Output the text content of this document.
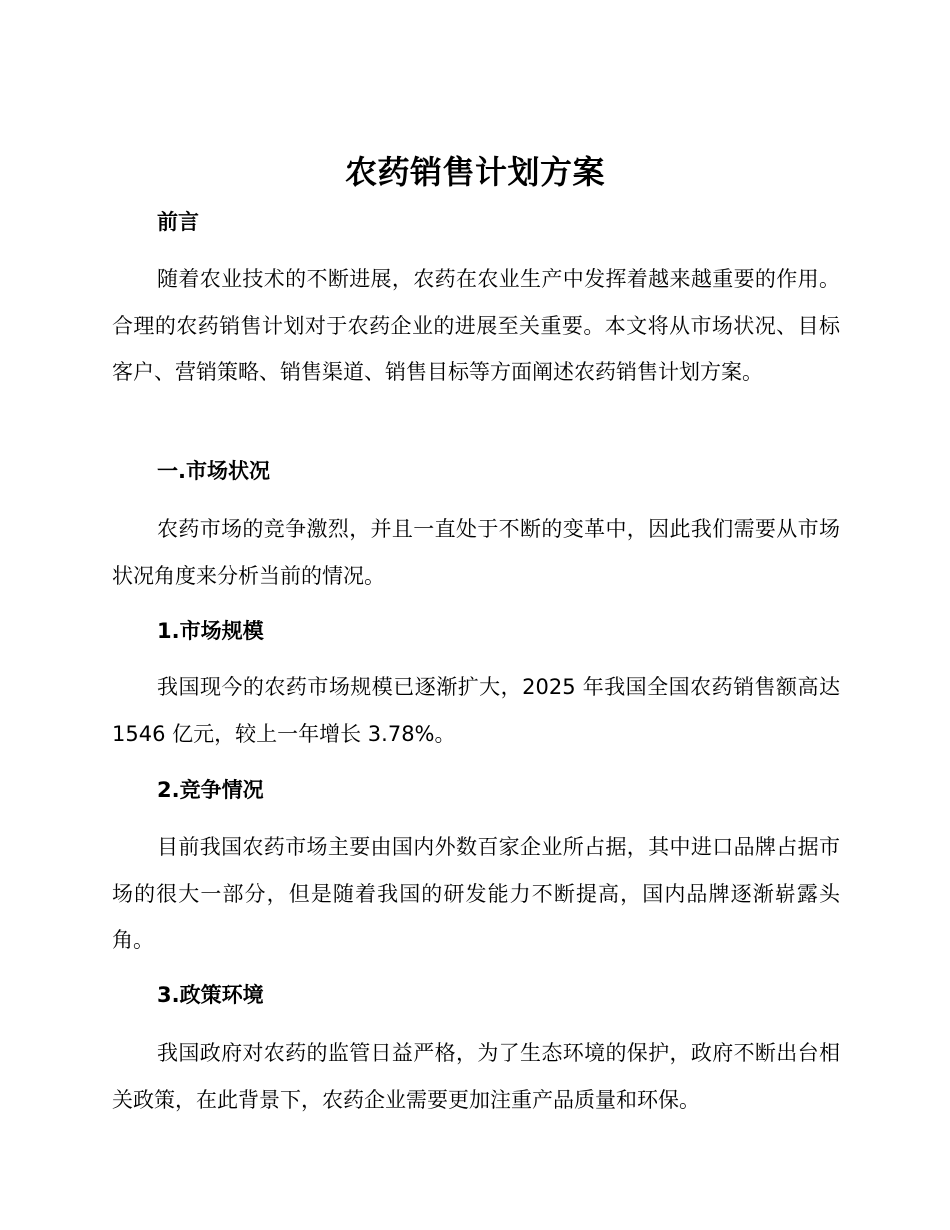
农药销售计划方案
前言
随着农业技术的不断进展，农药在农业生产中发挥着越来越重要的作用。合理的农药销售计划对于农药企业的进展至关重要。本文将从市场状况、目标客户、营销策略、销售渠道、销售目标等方面阐述农药销售计划方案。
一.市场状况
农药市场的竞争激烈，并且一直处于不断的变革中，因此我们需要从市场状况角度来分析当前的情况。
1.市场规模
我国现今的农药市场规模已逐渐扩大，2025 年我国全国农药销售额高达 1546 亿元，较上一年增长 3.78%。
2.竞争情况
目前我国农药市场主要由国内外数百家企业所占据，其中进口品牌占据市场的很大一部分，但是随着我国的研发能力不断提高，国内品牌逐渐崭露头角。
3.政策环境
我国政府对农药的监管日益严格，为了生态环境的保护，政府不断出台相关政策，在此背景下，农药企业需要更加注重产品质量和环保。
